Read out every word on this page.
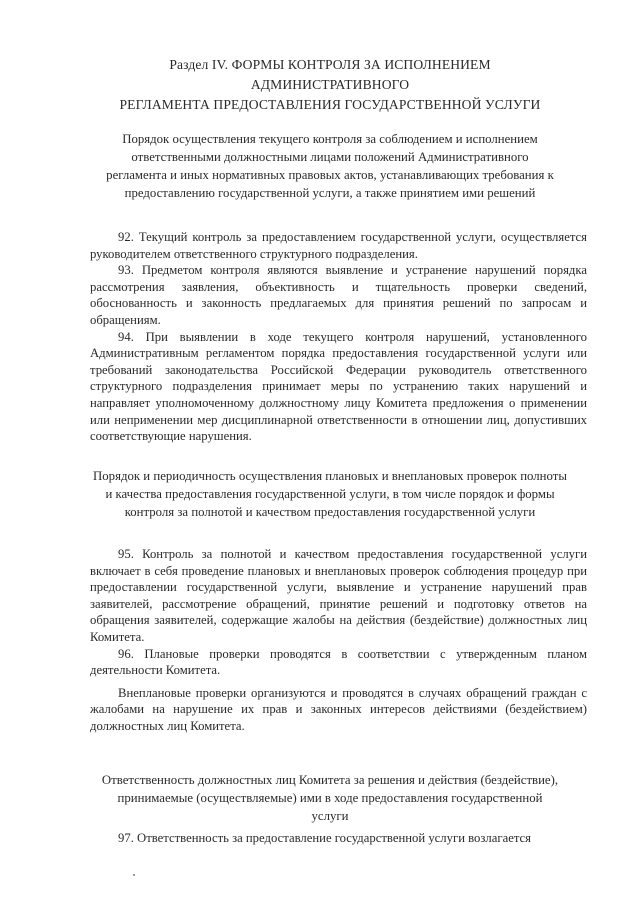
Раздел IV. ФОРМЫ КОНТРОЛЯ ЗА ИСПОЛНЕНИЕМ
АДМИНИСТРАТИВНОГО
РЕГЛАМЕНТА ПРЕДОСТАВЛЕНИЯ ГОСУДАРСТВЕННОЙ УСЛУГИ
Порядок осуществления текущего контроля за соблюдением и исполнением ответственными должностными лицами положений Административного регламента и иных нормативных правовых актов, устанавливающих требования к предоставлению государственной услуги, а также принятием ими решений

92. Текущий контроль за предоставлением государственной услуги, осуществляется руководителем ответственного структурного подразделения.

93. Предметом контроля являются выявление и устранение нарушений порядка рассмотрения заявления, объективность и тщательность проверки сведений, обоснованность и законность предлагаемых для принятия решений по запросам и обращениям.

94. При выявлении в ходе текущего контроля нарушений, установленного Административным регламентом порядка предоставления государственной услуги или требований законодательства Российской Федерации руководитель ответственного структурного подразделения принимает меры по устранению таких нарушений и направляет уполномоченному должностному лицу Комитета предложения о применении или неприменении мер дисциплинарной ответственности в отношении лиц, допустивших соответствующие нарушения.

Порядок и периодичность осуществления плановых и внеплановых проверок полноты и качества предоставления государственной услуги, в том числе порядок и формы контроля за полнотой и качеством предоставления государственной услуги

95. Контроль за полнотой и качеством предоставления государственной услуги включает в себя проведение плановых и внеплановых проверок соблюдения процедур при предоставлении государственной услуги, выявление и устранение нарушений прав заявителей, рассмотрение обращений, принятие решений и подготовку ответов на обращения заявителей, содержащие жалобы на действия (бездействие) должностных лиц Комитета.

96. Плановые проверки проводятся в соответствии с утвержденным планом деятельности Комитета.

Внеплановые проверки организуются и проводятся в случаях обращений граждан с жалобами на нарушение их прав и законных интересов действиями (бездействием) должностных лиц Комитета.

Ответственность должностных лиц Комитета за решения и действия (бездействие), принимаемые (осуществляемые) ими в ходе предоставления государственной услуги

97. Ответственность за предоставление государственной услуги возлагается
